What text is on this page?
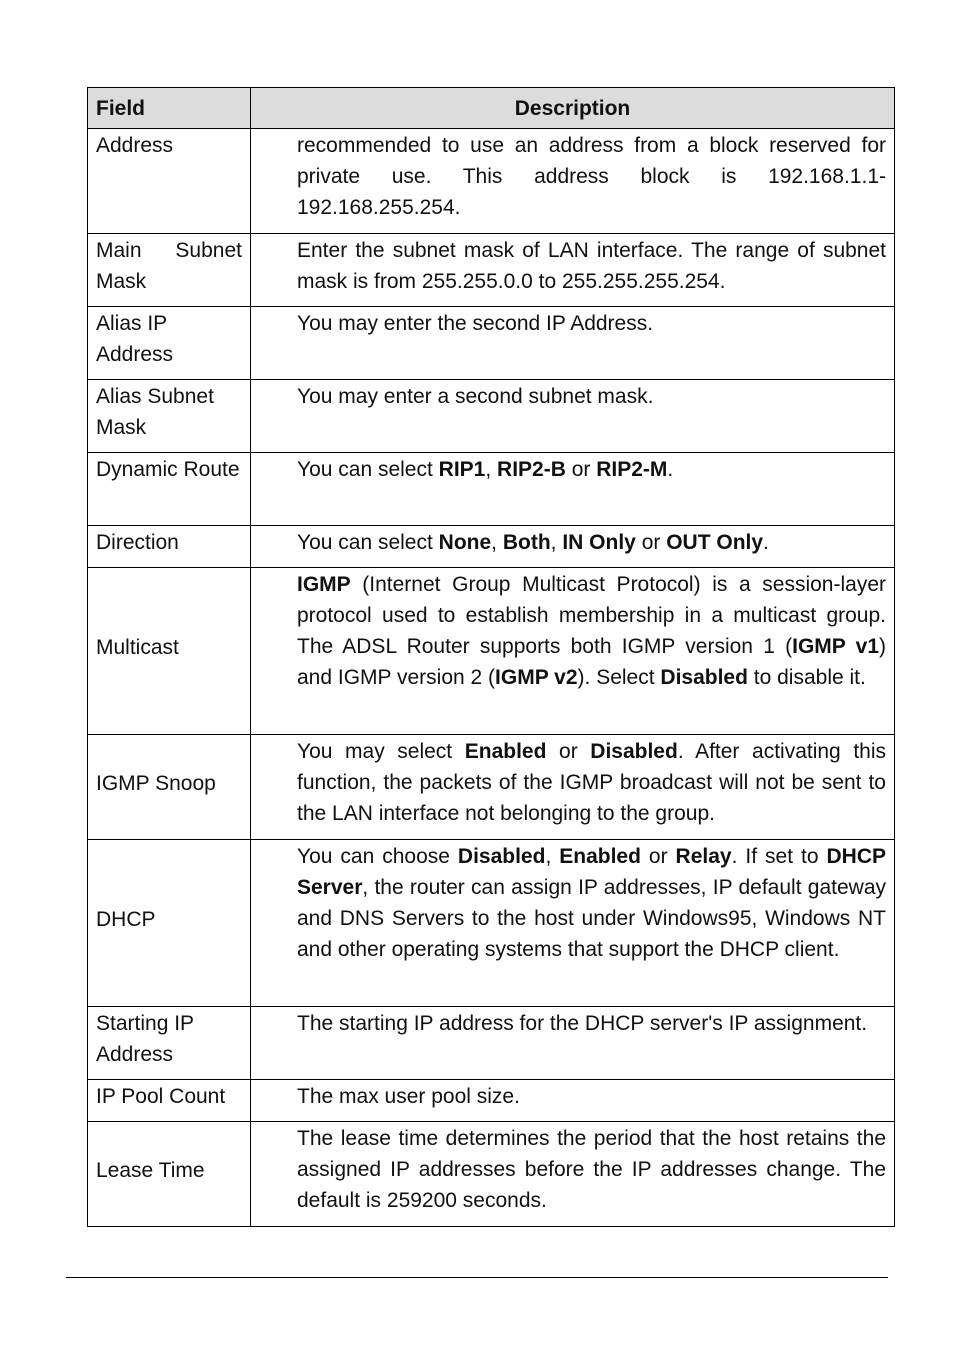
Field	Description
Address	recommended to use an address from a block reserved for private use. This address block is 192.168.1.1-192.168.255.254.
Main Subnet Mask	Enter the subnet mask of LAN interface. The range of subnet mask is from 255.255.0.0 to 255.255.255.254.
Alias IP Address	You may enter the second IP Address.
Alias Subnet Mask	You may enter a second subnet mask.
Dynamic Route	You can select RIP1, RIP2-B or RIP2-M.
Direction	You can select None, Both, IN Only or OUT Only.
Multicast	IGMP (Internet Group Multicast Protocol) is a session-layer protocol used to establish membership in a multicast group. The ADSL Router supports both IGMP version 1 (IGMP v1) and IGMP version 2 (IGMP v2). Select Disabled to disable it.
IGMP Snoop	You may select Enabled or Disabled. After activating this function, the packets of the IGMP broadcast will not be sent to the LAN interface not belonging to the group.
DHCP	You can choose Disabled, Enabled or Relay. If set to DHCP Server, the router can assign IP addresses, IP default gateway and DNS Servers to the host under Windows95, Windows NT and other operating systems that support the DHCP client.
Starting IP Address	The starting IP address for the DHCP server's IP assignment.
IP Pool Count	The max user pool size.
Lease Time	The lease time determines the period that the host retains the assigned IP addresses before the IP addresses change. The default is 259200 seconds.
